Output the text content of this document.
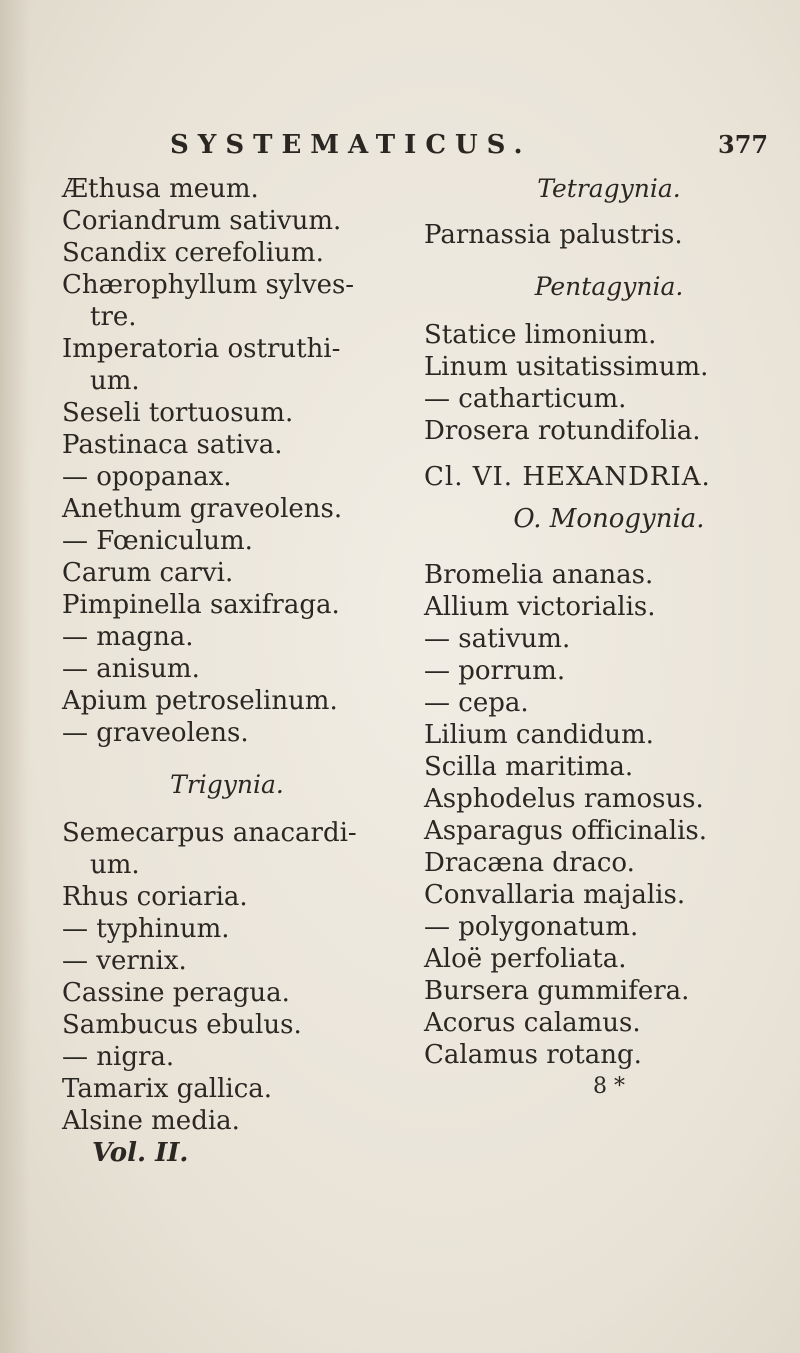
SYSTEMATICUS.	377
Æthusa meum.
Coriandrum sativum.
Scandix cerefolium.
Chærophyllum sylves-
tre.
Imperatoria ostruthi-
um.
Seseli tortuosum.
Pastinaca sativa.
— opopanax.
Anethum graveolens.
— Fœniculum.
Carum carvi.
Pimpinella saxifraga.
— magna.
— anisum.
Apium petroselinum.
— graveolens.
Trigynia.
Semecarpus anacardi-
um.
Rhus coriaria.
— typhinum.
— vernix.
Cassine peragua.
Sambucus ebulus.
— nigra.
Tamarix gallica.
Alsine media.
Vol. II.
Tetragynia.
Parnassia palustris.
Pentagynia.
Statice limonium.
Linum usitatissimum.
— catharticum.
Drosera rotundifolia.
Cl. VI. HEXANDRIA.
O. Monogynia.
Bromelia ananas.
Allium victorialis.
— sativum.
— porrum.
— cepa.
Lilium candidum.
Scilla maritima.
Asphodelus ramosus.
Asparagus officinalis.
Dracæna draco.
Convallaria majalis.
— polygonatum.
Aloë perfoliata.
Bursera gummifera.
Acorus calamus.
Calamus rotang.
8 *
